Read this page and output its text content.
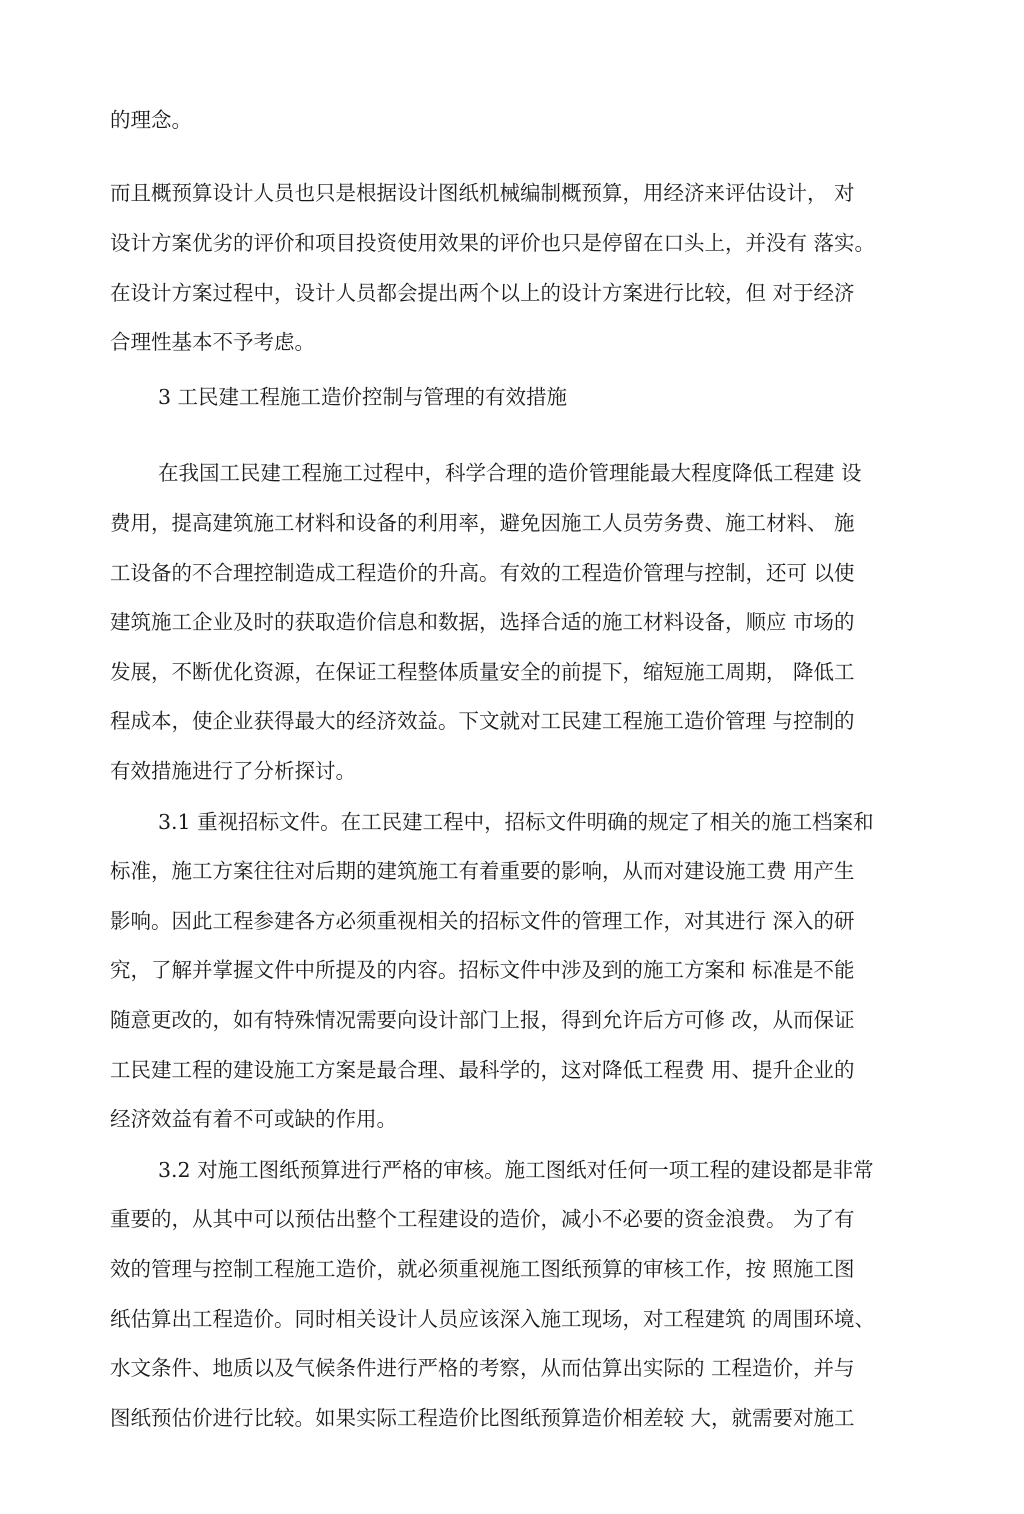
的理念。
而且概预算设计人员也只是根据设计图纸机械编制概预算，用经济来评估设计， 对
设计方案优劣的评价和项目投资使用效果的评价也只是停留在口头上，并没有 落实。
在设计方案过程中，设计人员都会提出两个以上的设计方案进行比较，但 对于经济
合理性基本不予考虑。
3 工民建工程施工造价控制与管理的有效措施
在我国工民建工程施工过程中，科学合理的造价管理能最大程度降低工程建 设
费用，提高建筑施工材料和设备的利用率，避免因施工人员劳务费、施工材料、 施
工设备的不合理控制造成工程造价的升高。有效的工程造价管理与控制，还可 以使
建筑施工企业及时的获取造价信息和数据，选择合适的施工材料设备，顺应 市场的
发展，不断优化资源，在保证工程整体质量安全的前提下，缩短施工周期， 降低工
程成本，使企业获得最大的经济效益。下文就对工民建工程施工造价管理 与控制的
有效措施进行了分析探讨。
3.1 重视招标文件。在工民建工程中，招标文件明确的规定了相关的施工档案和
标准，施工方案往往对后期的建筑施工有着重要的影响，从而对建设施工费 用产生
影响。因此工程参建各方必须重视相关的招标文件的管理工作，对其进行 深入的研
究，了解并掌握文件中所提及的内容。招标文件中涉及到的施工方案和 标准是不能
随意更改的，如有特殊情况需要向设计部门上报，得到允许后方可修 改，从而保证
工民建工程的建设施工方案是最合理、最科学的，这对降低工程费 用、提升企业的
经济效益有着不可或缺的作用。
3.2 对施工图纸预算进行严格的审核。施工图纸对任何一项工程的建设都是非常
重要的，从其中可以预估出整个工程建设的造价，减小不必要的资金浪费。 为了有
效的管理与控制工程施工造价，就必须重视施工图纸预算的审核工作，按 照施工图
纸估算出工程造价。同时相关设计人员应该深入施工现场，对工程建筑 的周围环境、
水文条件、地质以及气候条件进行严格的考察，从而估算出实际的 工程造价，并与
图纸预估价进行比较。如果实际工程造价比图纸预算造价相差较 大，就需要对施工
